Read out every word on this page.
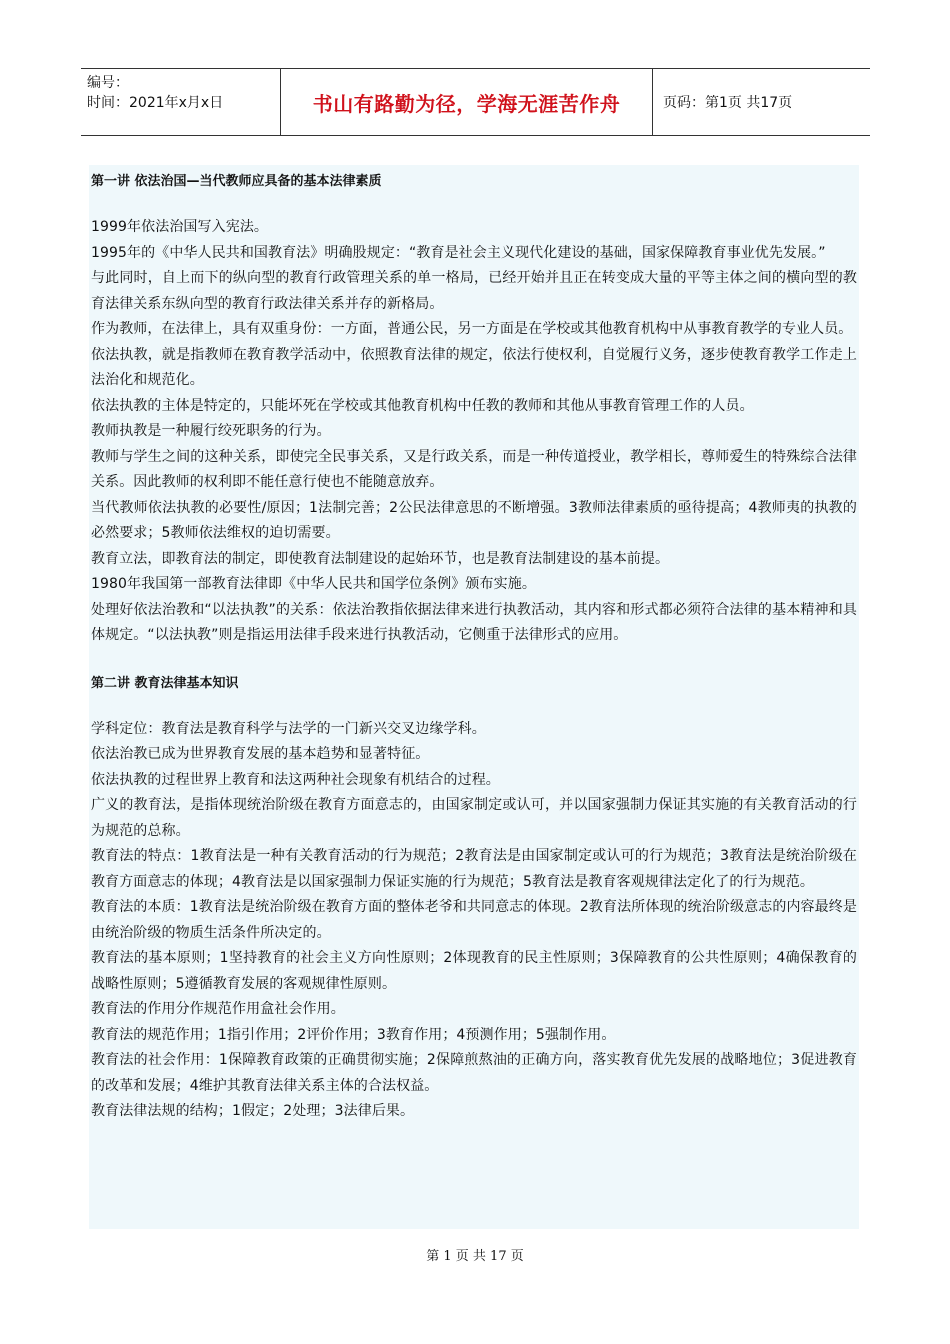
编号：
时间：2021年x月x日	书山有路勤为径，学海无涯苦作舟	页码：第1页 共17页

第一讲 依法治国—当代教师应具备的基本法律素质

1999年依法治国写入宪法。

1995年的《中华人民共和国教育法》明确股规定：“教育是社会主义现代化建设的基础，国家保障教育事业优先发展。”

与此同时，自上而下的纵向型的教育行政管理关系的单一格局，已经开始并且正在转变成大量的平等主体之间的横向型的教育法律关系东纵向型的教育行政法律关系并存的新格局。

作为教师，在法律上，具有双重身份：一方面，普通公民，另一方面是在学校或其他教育机构中从事教育教学的专业人员。

依法执教，就是指教师在教育教学活动中，依照教育法律的规定，依法行使权利，自觉履行义务，逐步使教育教学工作走上法治化和规范化。

依法执教的主体是特定的，只能坏死在学校或其他教育机构中任教的教师和其他从事教育管理工作的人员。

教师执教是一种履行绞死职务的行为。

教师与学生之间的这种关系，即使完全民事关系，又是行政关系，而是一种传道授业，教学相长，尊师爱生的特殊综合法律关系。因此教师的权利即不能任意行使也不能随意放弃。

当代教师依法执教的必要性/原因；1法制完善；2公民法律意思的不断增强。3教师法律素质的亟待提高；4教师夷的执教的必然要求；5教师依法维权的迫切需要。

教育立法，即教育法的制定，即使教育法制建设的起始环节，也是教育法制建设的基本前提。

1980年我国第一部教育法律即《中华人民共和国学位条例》颁布实施。

处理好依法治教和“以法执教”的关系：依法治教指依据法律来进行执教活动，其内容和形式都必须符合法律的基本精神和具体规定。“以法执教”则是指运用法律手段来进行执教活动，它侧重于法律形式的应用。

第二讲 教育法律基本知识

学科定位：教育法是教育科学与法学的一门新兴交叉边缘学科。

依法治教已成为世界教育发展的基本趋势和显著特征。

依法执教的过程世界上教育和法这两种社会现象有机结合的过程。

广义的教育法，是指体现统治阶级在教育方面意志的，由国家制定或认可，并以国家强制力保证其实施的有关教育活动的行为规范的总称。

教育法的特点：1教育法是一种有关教育活动的行为规范；2教育法是由国家制定或认可的行为规范；3教育法是统治阶级在教育方面意志的体现；4教育法是以国家强制力保证实施的行为规范；5教育法是教育客观规律法定化了的行为规范。

教育法的本质：1教育法是统治阶级在教育方面的整体老爷和共同意志的体现。2教育法所体现的统治阶级意志的内容最终是由统治阶级的物质生活条件所决定的。

教育法的基本原则；1坚持教育的社会主义方向性原则；2体现教育的民主性原则；3保障教育的公共性原则；4确保教育的战略性原则；5遵循教育发展的客观规律性原则。

教育法的作用分作规范作用盒社会作用。

教育法的规范作用；1指引作用；2评价作用；3教育作用；4预测作用；5强制作用。

教育法的社会作用：1保障教育政策的正确贯彻实施；2保障煎熬油的正确方向，落实教育优先发展的战略地位；3促进教育的改革和发展；4维护其教育法律关系主体的合法权益。

教育法律法规的结构；1假定；2处理；3法律后果。

第 1 页 共 17 页
